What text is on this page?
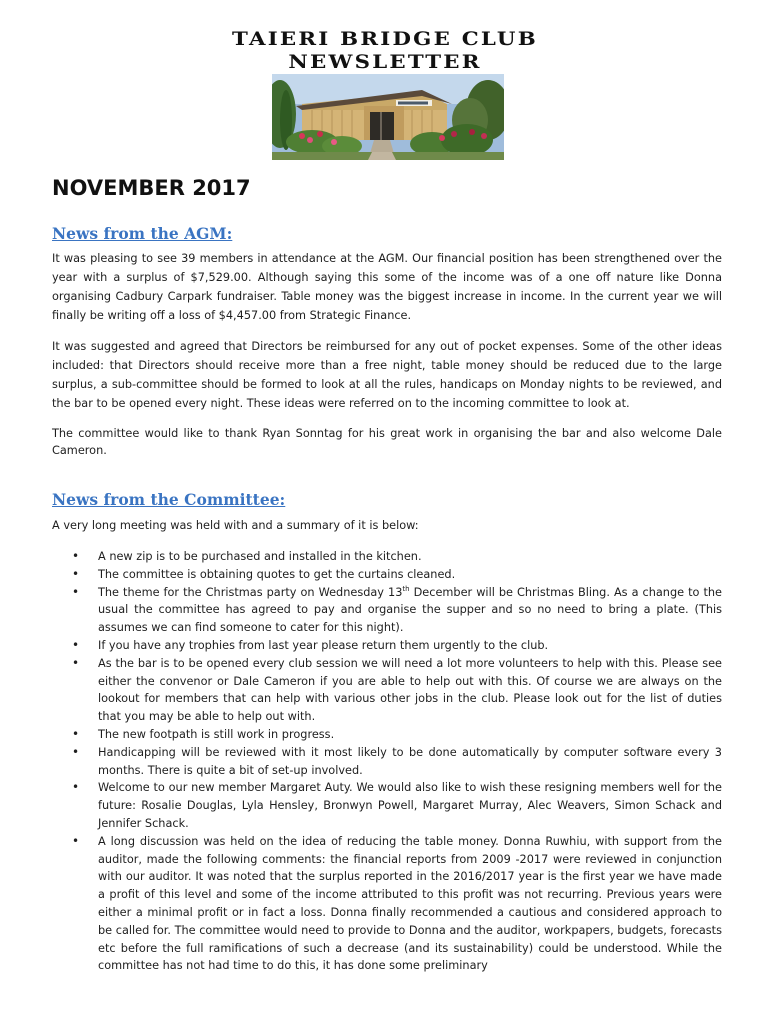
TAIERI BRIDGE CLUB
NEWSLETTER
NOVEMBER 2017
News from the AGM:
It was pleasing to see 39 members in attendance at the AGM. Our financial position has been strengthened over the year with a surplus of $7,529.00. Although saying this some of the income was of a one off nature like Donna organising Cadbury Carpark fundraiser. Table money was the biggest increase in income. In the current year we will finally be writing off a loss of $4,457.00 from Strategic Finance.
It was suggested and agreed that Directors be reimbursed for any out of pocket expenses. Some of the other ideas included: that Directors should receive more than a free night, table money should be reduced due to the large surplus, a sub-committee should be formed to look at all the rules, handicaps on Monday nights to be reviewed, and the bar to be opened every night. These ideas were referred on to the incoming committee to look at.
The committee would like to thank Ryan Sonntag for his great work in organising the bar and also welcome Dale Cameron.
News from the Committee:
A very long meeting was held with and a summary of it is below:
• A new zip is to be purchased and installed in the kitchen.
• The committee is obtaining quotes to get the curtains cleaned.
• The theme for the Christmas party on Wednesday 13th December will be Christmas Bling. As a change to the usual the committee has agreed to pay and organise the supper and so no need to bring a plate. (This assumes we can find someone to cater for this night).
• If you have any trophies from last year please return them urgently to the club.
• As the bar is to be opened every club session we will need a lot more volunteers to help with this. Please see either the convenor or Dale Cameron if you are able to help out with this. Of course we are always on the lookout for members that can help with various other jobs in the club. Please look out for the list of duties that you may be able to help out with.
• The new footpath is still work in progress.
• Handicapping will be reviewed with it most likely to be done automatically by computer software every 3 months. There is quite a bit of set-up involved.
• Welcome to our new member Margaret Auty. We would also like to wish these resigning members well for the future: Rosalie Douglas, Lyla Hensley, Bronwyn Powell, Margaret Murray, Alec Weavers, Simon Schack and Jennifer Schack.
• A long discussion was held on the idea of reducing the table money. Donna Ruwhiu, with support from the auditor, made the following comments: the financial reports from 2009 -2017 were reviewed in conjunction with our auditor. It was noted that the surplus reported in the 2016/2017 year is the first year we have made a profit of this level and some of the income attributed to this profit was not recurring. Previous years were either a minimal profit or in fact a loss. Donna finally recommended a cautious and considered approach to be called for. The committee would need to provide to Donna and the auditor, workpapers, budgets, forecasts etc before the full ramifications of such a decrease (and its sustainability) could be understood. While the committee has not had time to do this, it has done some preliminary
